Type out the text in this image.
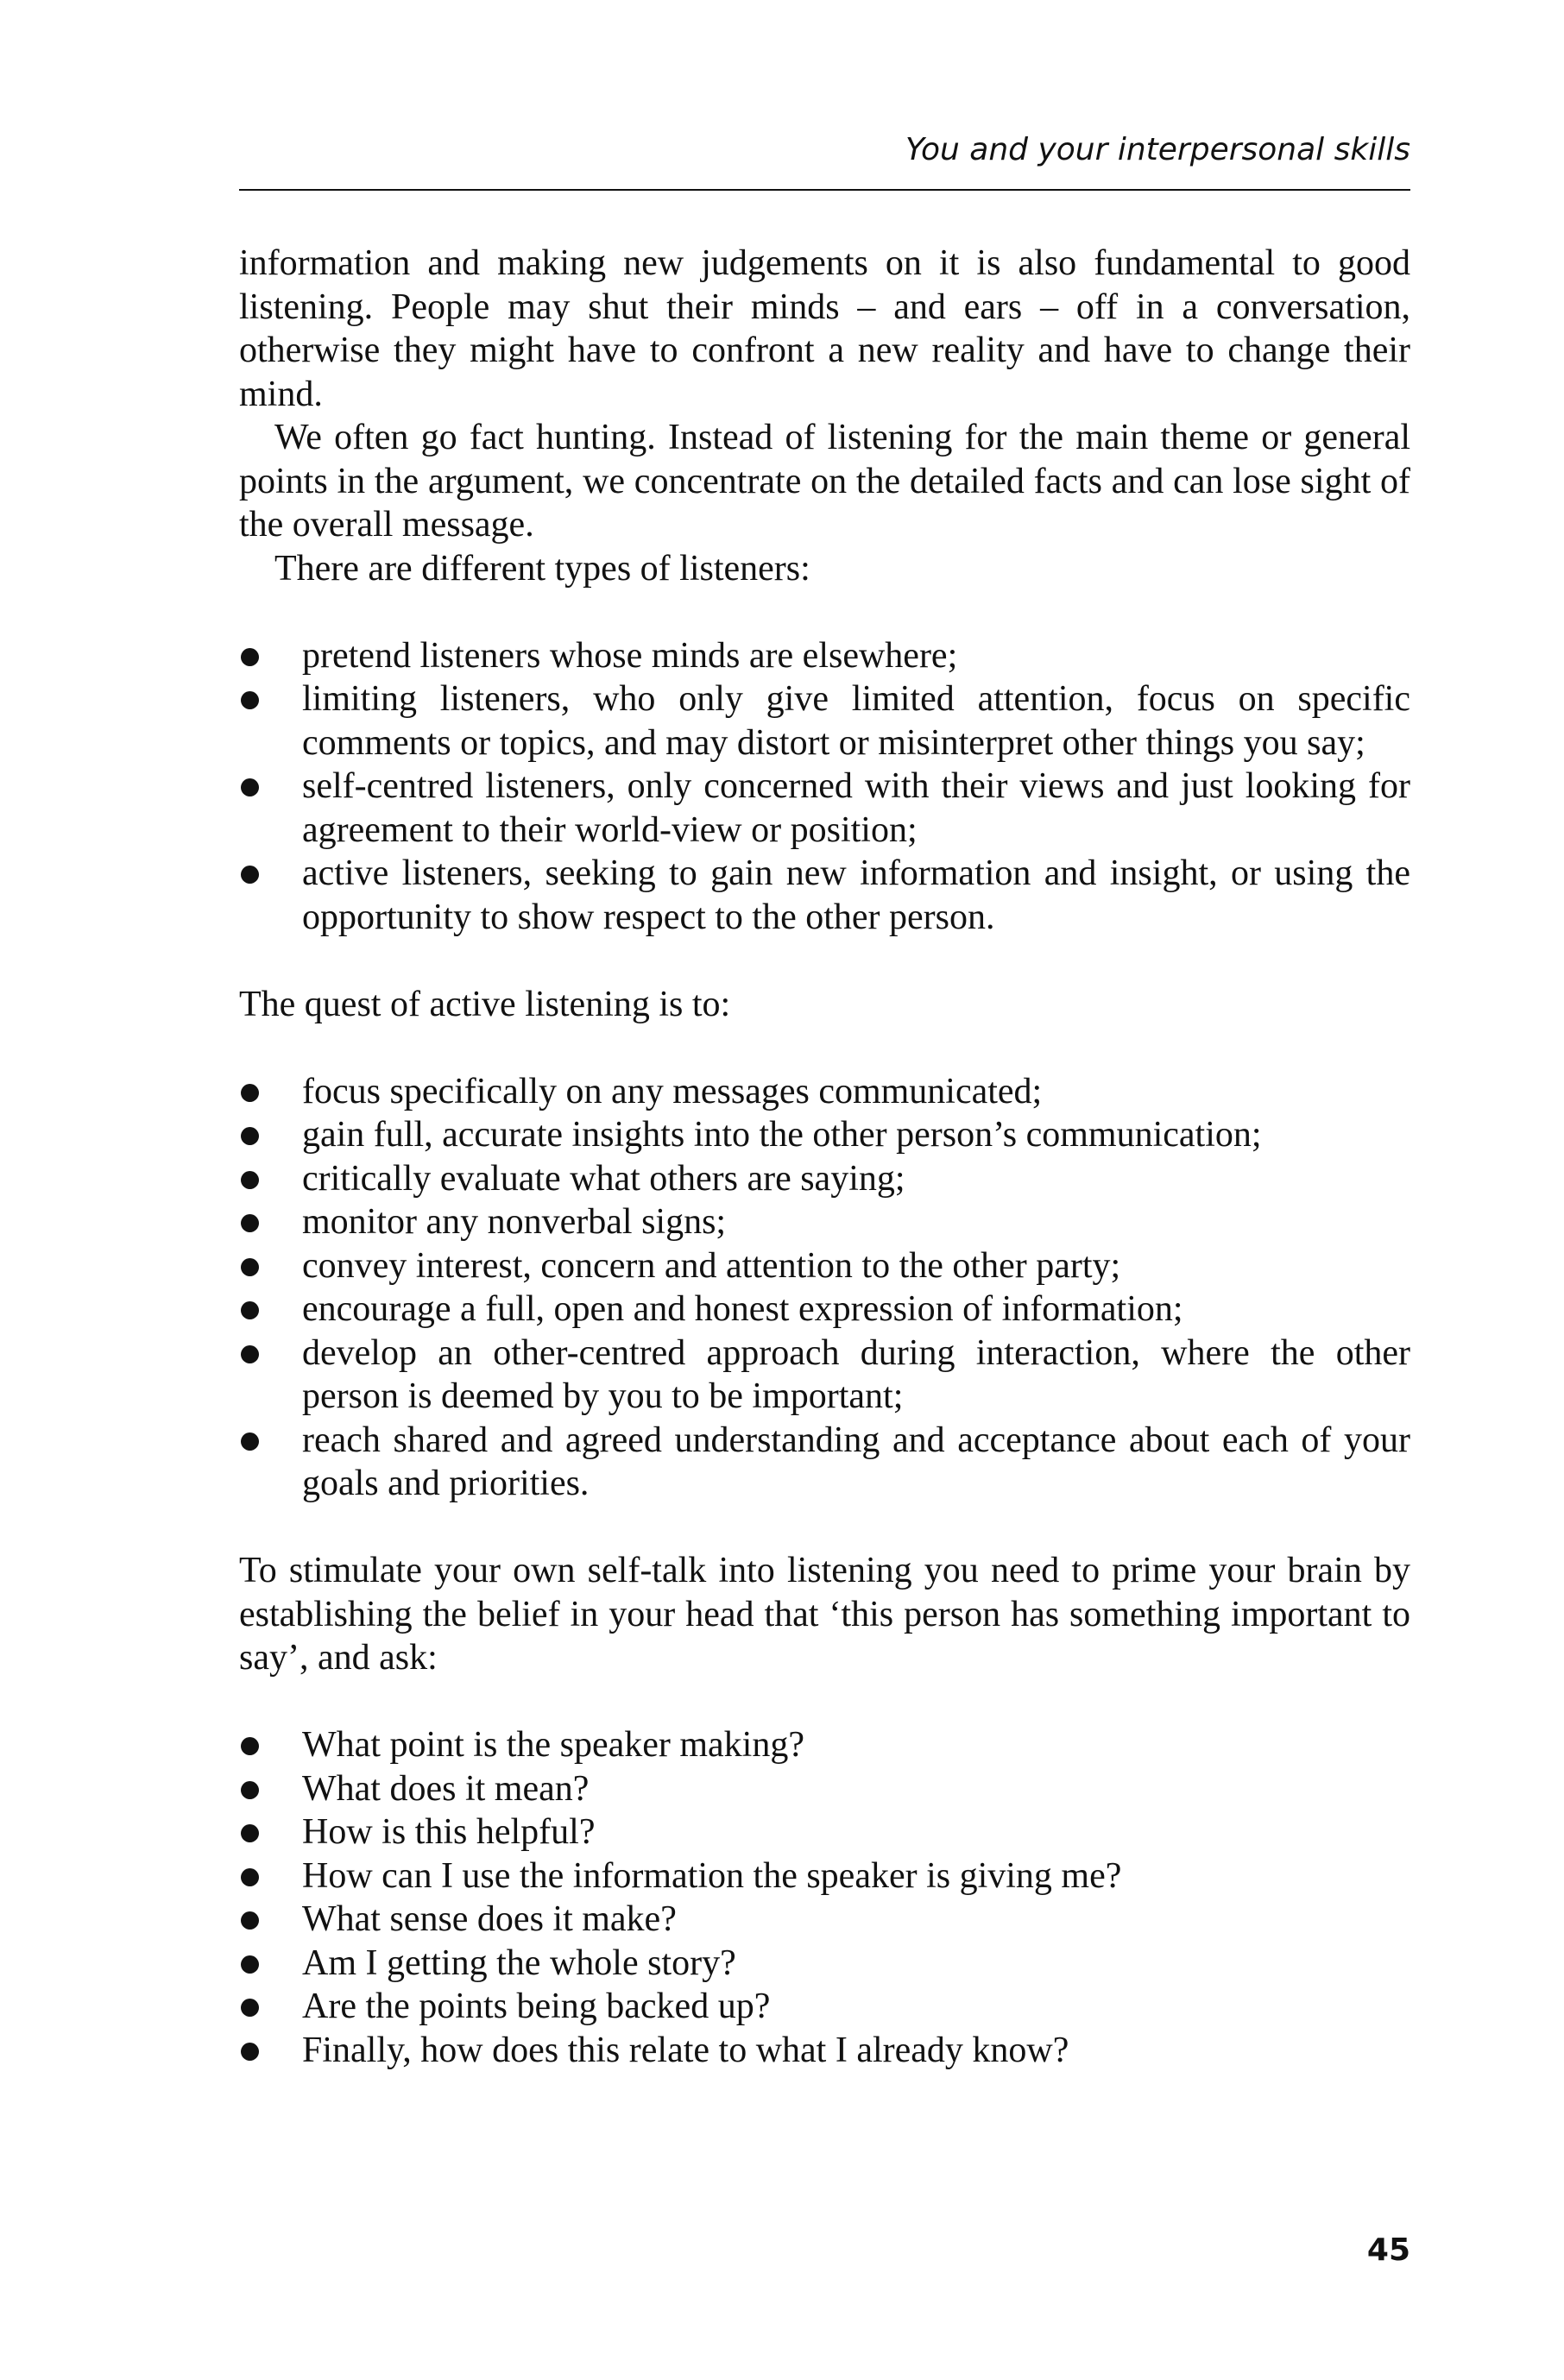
You and your interpersonal skills

information and making new judgements on it is also fundamental to good listening. People may shut their minds – and ears – off in a conversation, otherwise they might have to confront a new reality and have to change their mind.

We often go fact hunting. Instead of listening for the main theme or general points in the argument, we concentrate on the detailed facts and can lose sight of the overall message.

There are different types of listeners:

pretend listeners whose minds are elsewhere;
limiting listeners, who only give limited attention, focus on specific comments or topics, and may distort or misinterpret other things you say;
self-centred listeners, only concerned with their views and just looking for agreement to their world-view or position;
active listeners, seeking to gain new information and insight, or using the opportunity to show respect to the other person.

The quest of active listening is to:

focus specifically on any messages communicated;
gain full, accurate insights into the other person’s communication;
critically evaluate what others are saying;
monitor any nonverbal signs;
convey interest, concern and attention to the other party;
encourage a full, open and honest expression of information;
develop an other-centred approach during interaction, where the other person is deemed by you to be important;
reach shared and agreed understanding and acceptance about each of your goals and priorities.

To stimulate your own self-talk into listening you need to prime your brain by establishing the belief in your head that ‘this person has something important to say’, and ask:

What point is the speaker making?
What does it mean?
How is this helpful?
How can I use the information the speaker is giving me?
What sense does it make?
Am I getting the whole story?
Are the points being backed up?
Finally, how does this relate to what I already know?
45
